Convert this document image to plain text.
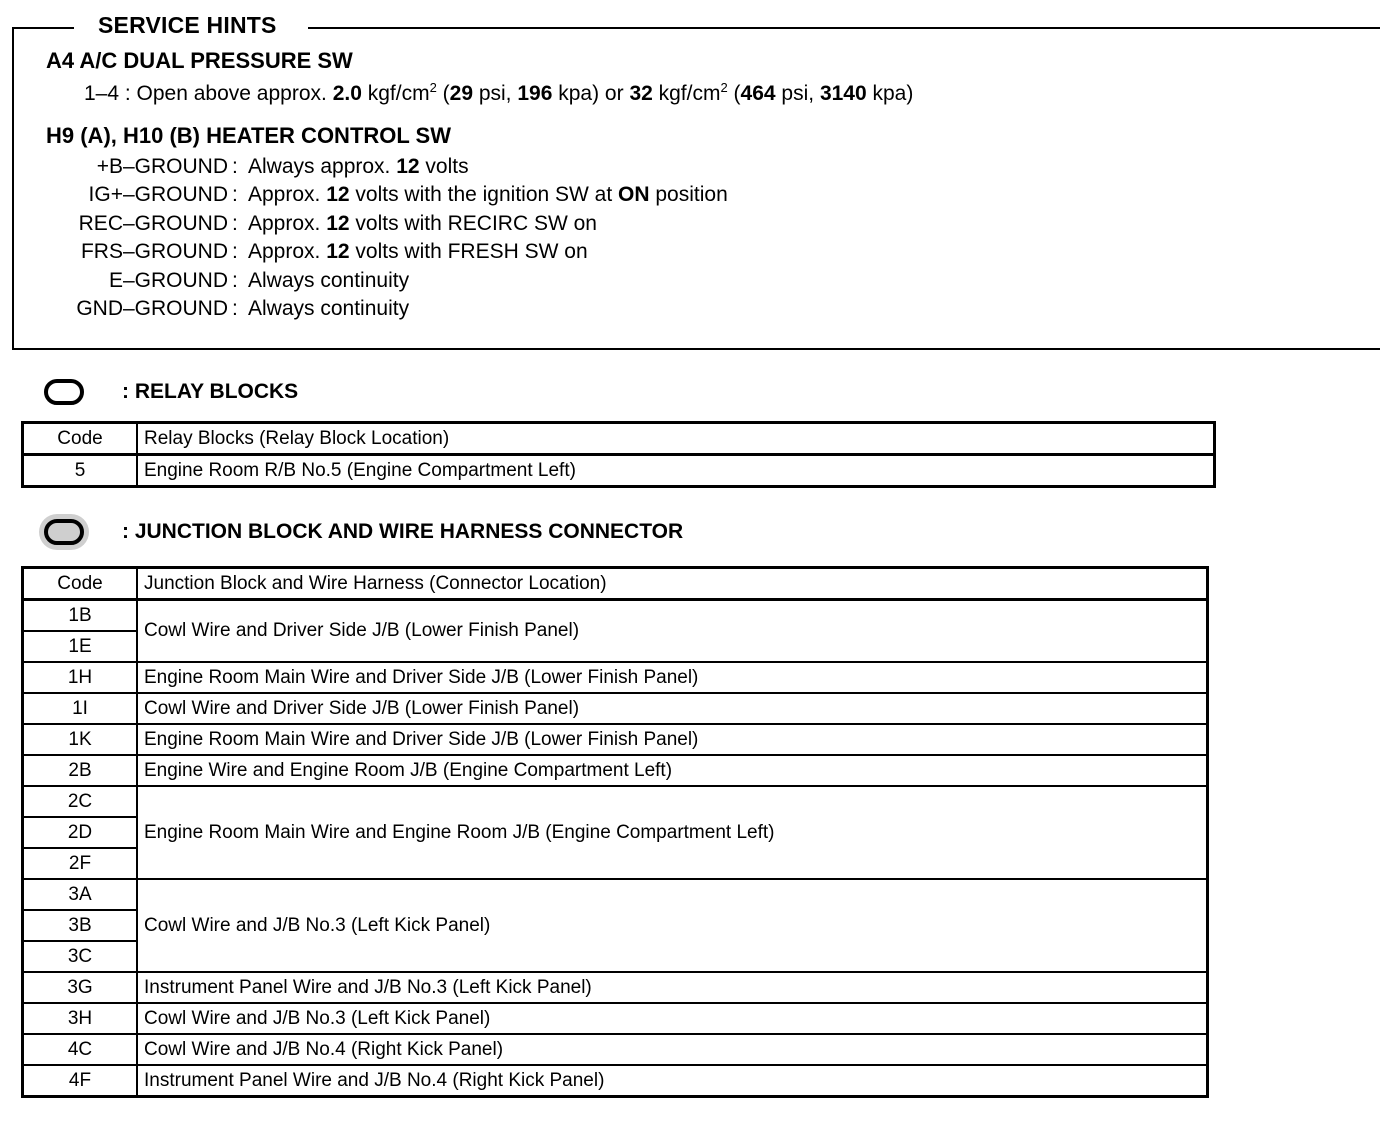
SERVICE HINTS
A4 A/C DUAL PRESSURE SW
1–4 : Open above approx. 2.0 kgf/$cm^2$ (29 psi, 196 kpa) or 32 kgf/$cm^2$ (464 psi, 3140 kpa)
H9 (A), H10 (B) HEATER CONTROL SW
+B–GROUND : Always approx. 12 volts
IG+–GROUND : Approx. 12 volts with the ignition SW at ON position
REC–GROUND : Approx. 12 volts with RECIRC SW on
FRS–GROUND : Approx. 12 volts with FRESH SW on
E–GROUND : Always continuity
GND–GROUND : Always continuity
: RELAY BLOCKS
Code	Relay Blocks (Relay Block Location)
5	Engine Room R/B No.5 (Engine Compartment Left)
: JUNCTION BLOCK AND WIRE HARNESS CONNECTOR
Code	Junction Block and Wire Harness (Connector Location)
1B	Cowl Wire and Driver Side J/B (Lower Finish Panel)
1E	
1H	Engine Room Main Wire and Driver Side J/B (Lower Finish Panel)
1I	Cowl Wire and Driver Side J/B (Lower Finish Panel)
1K	Engine Room Main Wire and Driver Side J/B (Lower Finish Panel)
2B	Engine Wire and Engine Room J/B (Engine Compartment Left)
2C	Engine Room Main Wire and Engine Room J/B (Engine Compartment Left)
2D	
2F	
3A	Cowl Wire and J/B No.3 (Left Kick Panel)
3B	
3C	
3G	Instrument Panel Wire and J/B No.3 (Left Kick Panel)
3H	Cowl Wire and J/B No.3 (Left Kick Panel)
4C	Cowl Wire and J/B No.4 (Right Kick Panel)
4F	Instrument Panel Wire and J/B No.4 (Right Kick Panel)
